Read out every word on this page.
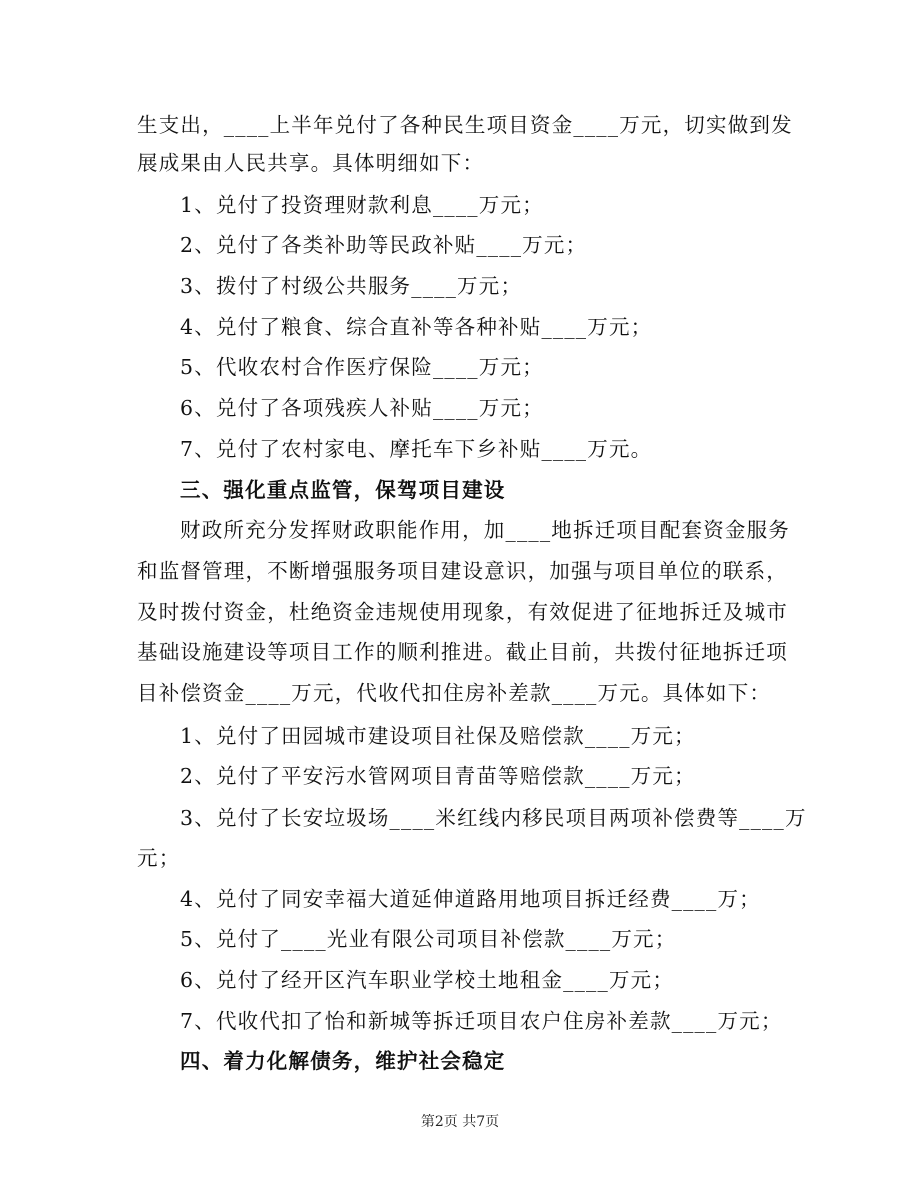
生支出，____上半年兑付了各种民生项目资金____万元，切实做到发
展成果由人民共享。具体明细如下：
1、兑付了投资理财款利息____万元；
2、兑付了各类补助等民政补贴____万元；
3、拨付了村级公共服务____万元；
4、兑付了粮食、综合直补等各种补贴____万元；
5、代收农村合作医疗保险____万元；
6、兑付了各项残疾人补贴____万元；
7、兑付了农村家电、摩托车下乡补贴____万元。
三、强化重点监管，保驾项目建设
财政所充分发挥财政职能作用，加____地拆迁项目配套资金服务
和监督管理，不断增强服务项目建设意识，加强与项目单位的联系，
及时拨付资金，杜绝资金违规使用现象，有效促进了征地拆迁及城市
基础设施建设等项目工作的顺利推进。截止目前，共拨付征地拆迁项
目补偿资金____万元，代收代扣住房补差款____万元。具体如下：
1、兑付了田园城市建设项目社保及赔偿款____万元；
2、兑付了平安污水管网项目青苗等赔偿款____万元；
3、兑付了长安垃圾场____米红线内移民项目两项补偿费等____万
元；
4、兑付了同安幸福大道延伸道路用地项目拆迁经费____万；
5、兑付了____光业有限公司项目补偿款____万元；
6、兑付了经开区汽车职业学校土地租金____万元；
7、代收代扣了怡和新城等拆迁项目农户住房补差款____万元；
四、着力化解债务，维护社会稳定
第2页 共7页
